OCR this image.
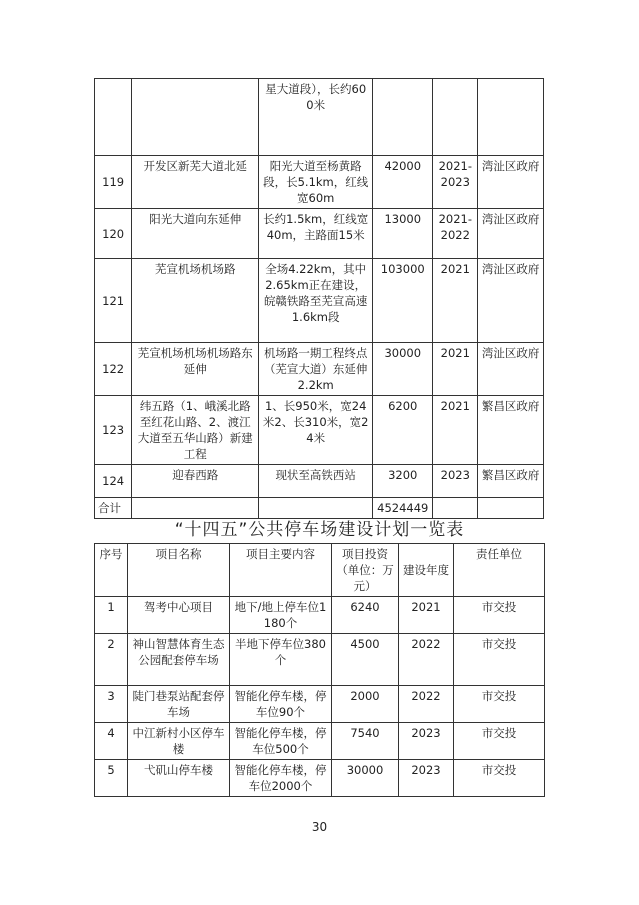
		星大道段），长约600米			
119	开发区新芜大道北延	阳光大道至杨黄路段，长5.1km，红线宽60m	42000	2021-2023	湾沚区政府
120	阳光大道向东延伸	长约1.5km，红线宽40m，主路面15米	13000	2021-2022	湾沚区政府
121	芜宣机场机场路	全场4.22km，其中2.65km正在建设，皖赣铁路至芜宣高速1.6km段	103000	2021	湾沚区政府
122	芜宣机场机场机场路东延伸	机场路一期工程终点（芜宣大道）东延伸2.2km	30000	2021	湾沚区政府
123	纬五路（1、峨溪北路至红花山路、2、渡江大道至五华山路）新建工程	1、长950米，宽24米2、长310米，宽24米	6200	2021	繁昌区政府
124	迎春西路	现状至高铁西站	3200	2023	繁昌区政府
合计			4524449		
“十四五”公共停车场建设计划一览表
序号	项目名称	项目主要内容	项目投资（单位：万元）	建设年度	责任单位
1	驾考中心项目	地下/地上停车位1180个	6240	2021	市交投
2	神山智慧体育生态公园配套停车场	半地下停车位380个	4500	2022	市交投
3	陡门巷泵站配套停车场	智能化停车楼，停车位90个	2000	2022	市交投
4	中江新村小区停车楼	智能化停车楼，停车位500个	7540	2023	市交投
5	弋矶山停车楼	智能化停车楼，停车位2000个	30000	2023	市交投
30
